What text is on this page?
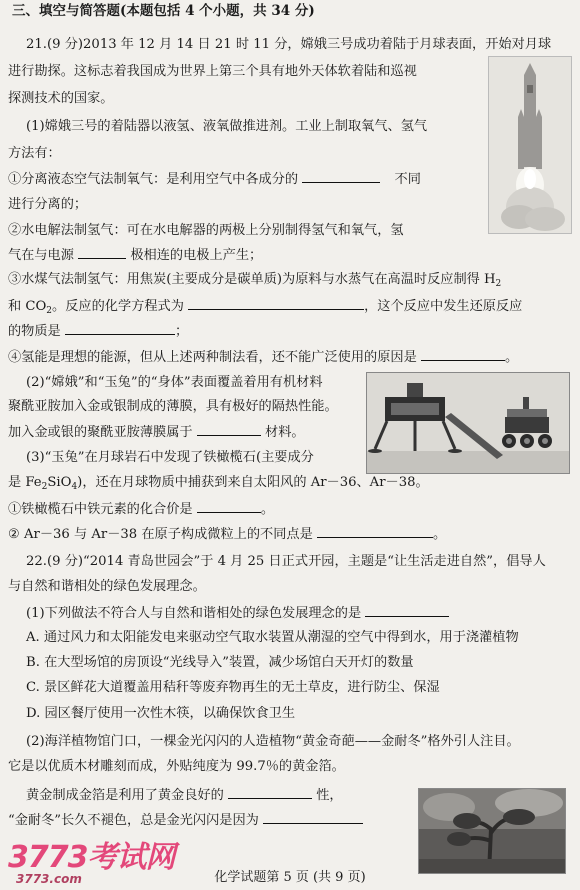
三、填空与简答题(本题包括 4 个小题，共 34 分)
21.(9 分)2013 年 12 月 14 日 21 时 11 分，嫦娥三号成功着陆于月球表面，开始对月球
进行勘探。这标志着我国成为世界上第三个具有地外天体软着陆和巡视
探测技术的国家。
(1)嫦娥三号的着陆器以液氢、液氧做推进剂。工业上制取氧气、氢气
方法有：
①分离液态空气法制氧气：是利用空气中各成分的	不同
进行分离的；
②水电解法制氢气：可在水电解器的两极上分别制得氢气和氧气，氢
气在与电源	极相连的电极上产生；
③水煤气法制氢气：用焦炭(主要成分是碳单质)为原料与水蒸气在高温时反应制得 $H_2$
和 $CO_2$。反应的化学方程式为	，这个反应中发生还原反应
的物质是	；
④氢能是理想的能源，但从上述两种制法看，还不能广泛使用的原因是	。
(2)“嫦娥”和“玉兔”的“身体”表面覆盖着用有机材料
聚酰亚胺加入金或银制成的薄膜，具有极好的隔热性能。
加入金或银的聚酰亚胺薄膜属于	材料。
(3)“玉兔”在月球岩石中发现了铁橄榄石(主要成分
是 $Fe_2SiO_4$)，还在月球物质中捕获到来自太阳风的 Ar－36、Ar－38。
①铁橄榄石中铁元素的化合价是	。
② Ar－36 与 Ar－38 在原子构成微粒上的不同点是	。
22.(9 分)“2014 青岛世园会”于 4 月 25 日正式开园，主题是“让生活走进自然”，倡导人
与自然和谐相处的绿色发展理念。
(1)下列做法不符合人与自然和谐相处的绿色发展理念的是
A. 通过风力和太阳能发电来驱动空气取水装置从潮湿的空气中得到水，用于浇灌植物
B. 在大型场馆的房顶设“光线导入”装置，减少场馆白天开灯的数量
C. 景区鲜花大道覆盖用秸秆等废弃物再生的无土草皮，进行防尘、保湿
D. 园区餐厅使用一次性木筷，以确保饮食卫生
(2)海洋植物馆门口，一棵金光闪闪的人造植物“黄金奇葩——金耐冬”格外引人注目。
它是以优质木材雕刻而成，外贴纯度为 99.7％的黄金箔。
黄金制成金箔是利用了黄金良好的	性，
“金耐冬”长久不褪色，总是金光闪闪是因为
3773考试网
3773.com	化学试题第 5 页 (共 9 页)
